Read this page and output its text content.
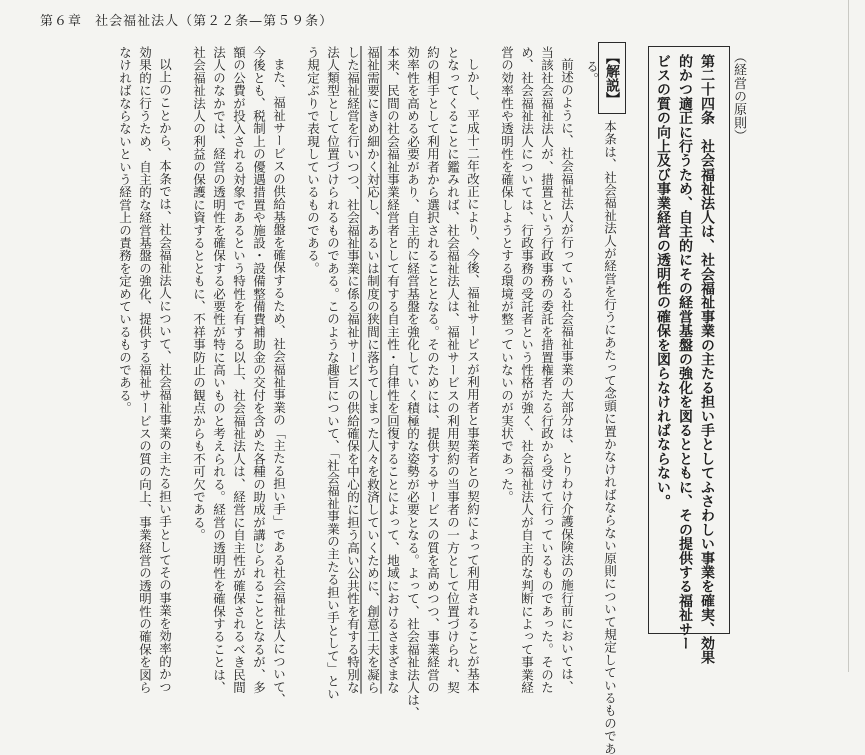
第６章 社会福祉法人（第２２条—第５９条）
（経営の原則）
第二十四条　社会福祉法人は、社会福祉事業の主たる担い手としてふさわしい事業を確実、効果
的かつ適正に行うため、自主的にその経営基盤の強化を図るとともに、その提供する福祉サー
ビスの質の向上及び事業経営の透明性の確保を図らなければならない。
【解説】
本条は、社会福祉法人が経営を行うにあたって念頭に置かなければならない原則について規定しているものであ
る。
前述のように、社会福祉法人が行っている社会福祉事業の大部分は、とりわけ介護保険法の施行前においては、
当該社会福祉法人が、措置という行政事務の委託を措置権者たる行政から受けて行っているものであった。そのた
め、社会福祉法人については、行政事務の受託者という性格が強く、社会福祉法人が自主的な判断によって事業経
営の効率性や透明性を確保しようとする環境が整っていないのが実状であった。
しかし、平成十二年改正により、今後、福祉サービスが利用者と事業者との契約によって利用されることが基本
となってくることに鑑みれば、社会福祉法人は、福祉サービスの利用契約の当事者の一方として位置づけられ、契
約の相手として利用者から選択されることとなる。そのためには、提供するサービスの質を高めつつ、事業経営の
効率性を高める必要があり、自主的に経営基盤を強化していく積極的な姿勢が必要となる。よって、社会福祉法人は、
本来、民間の社会福祉事業経営者として有する自主性・自律性を回復することによって、地域におけるさまざまな
福祉需要にきめ細かく対応し、あるいは制度の狭間に落ちてしまった人々を救済していくために、創意工夫を凝ら
した福祉経営を行いつつ、社会福祉事業に係る福祉サービスの供給確保を中心的に担う高い公共性を有する特別な
法人類型として位置づけられるものである。このような趣旨について、「社会福祉事業の主たる担い手として」とい
う規定ぶりで表現しているものである。
また、福祉サービスの供給基盤を確保するため、社会福祉事業の「主たる担い手」である社会福祉法人について、
今後とも、税制上の優遇措置や施設・設備整備費補助金の交付を含めた各種の助成が講じられることとなるが、多
額の公費が投入される対象であるという特性を有する以上、社会福祉法人は、経営に自主性が確保されるべき民間
法人のなかでは、経営の透明性を確保する必要性が特に高いものと考えられる。経営の透明性を確保することは、
社会福祉法人の利益の保護に資するとともに、不祥事防止の観点からも不可欠である。
以上のことから、本条では、社会福祉法人について、社会福祉事業の主たる担い手としてその事業を効率的かつ
効果的に行うため、自主的な経営基盤の強化、提供する福祉サービスの質の向上、事業経営の透明性の確保を図ら
なければならないという経営上の責務を定めているものである。
